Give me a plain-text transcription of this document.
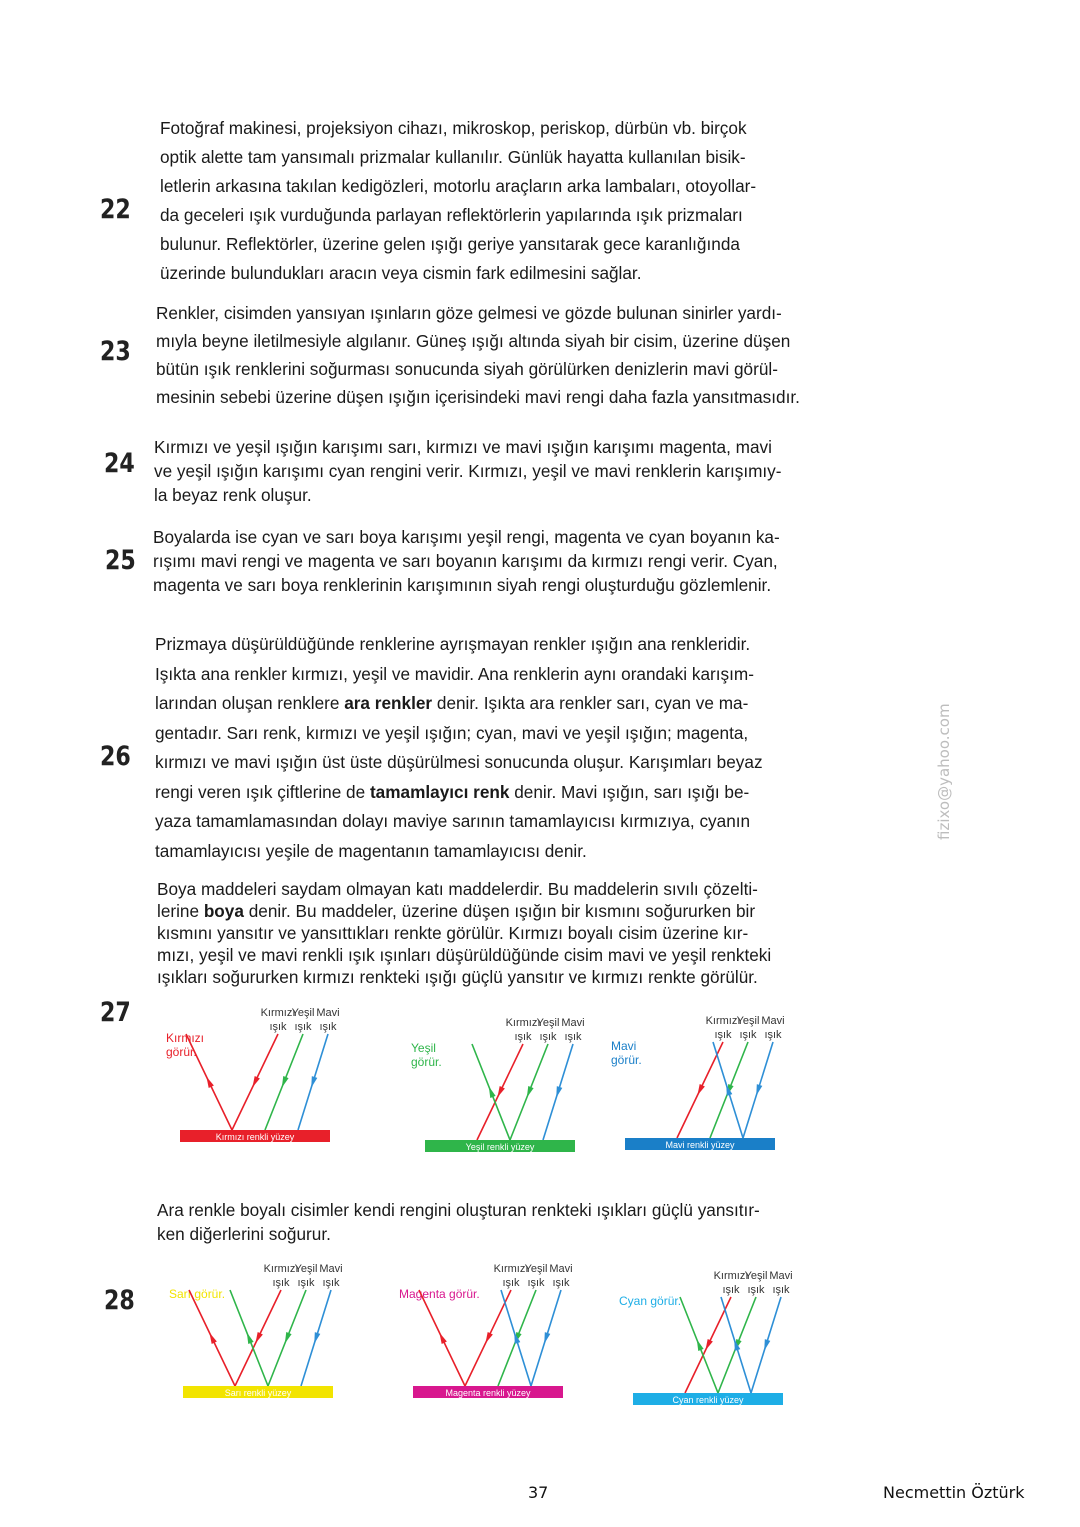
22
Fotoğraf makinesi, projeksiyon cihazı, mikroskop, periskop, dürbün vb. birçok
optik alette tam yansımalı prizmalar kullanılır. Günlük hayatta kullanılan bisik-
letlerin arkasına takılan kedigözleri, motorlu araçların arka lambaları, otoyollar-
da geceleri ışık vurduğunda parlayan reflektörlerin yapılarında ışık prizmaları
bulunur. Reflektörler, üzerine gelen ışığı geriye yansıtarak gece karanlığında
üzerinde bulundukları aracın veya cismin fark edilmesini sağlar.
23
Renkler, cisimden yansıyan ışınların göze gelmesi ve gözde bulunan sinirler yardı-
mıyla beyne iletilmesiyle algılanır. Güneş ışığı altında siyah bir cisim, üzerine düşen
bütün ışık renklerini soğurması sonucunda siyah görülürken denizlerin mavi görül-
mesinin sebebi üzerine düşen ışığın içerisindeki mavi rengi daha fazla yansıtmasıdır.
24
Kırmızı ve yeşil ışığın karışımı sarı, kırmızı ve mavi ışığın karışımı magenta, mavi
ve yeşil ışığın karışımı cyan rengini verir. Kırmızı, yeşil ve mavi renklerin karışımıy-
la beyaz renk oluşur.
25
Boyalarda ise cyan ve sarı boya karışımı yeşil rengi, magenta ve cyan boyanın ka-
rışımı mavi rengi ve magenta ve sarı boyanın karışımı da kırmızı rengi verir. Cyan,
magenta ve sarı boya renklerinin karışımının siyah rengi oluşturduğu gözlemlenir.
26
Prizmaya düşürüldüğünde renklerine ayrışmayan renkler ışığın ana renkleridir.
Işıkta ana renkler kırmızı, yeşil ve mavidir. Ana renklerin aynı orandaki karışım-
larından oluşan renklere ara renkler denir. Işıkta ara renkler sarı, cyan ve ma-
gentadır. Sarı renk, kırmızı ve yeşil ışığın; cyan, mavi ve yeşil ışığın; magenta,
kırmızı ve mavi ışığın üst üste düşürülmesi sonucunda oluşur. Karışımları beyaz
rengi veren ışık çiftlerine de tamamlayıcı renk denir. Mavi ışığın, sarı ışığı be-
yaza tamamlamasından dolayı maviye sarının tamamlayıcısı kırmızıya, cyanın
tamamlayıcısı yeşile de magentanın tamamlayıcısı denir.
27
Boya maddeleri saydam olmayan katı maddelerdir. Bu maddelerin sıvılı çözelti-
lerine boya denir. Bu maddeler, üzerine düşen ışığın bir kısmını soğururken bir
kısmını yansıtır ve yansıttıkları renkte görülür. Kırmızı boyalı cisim üzerine kır-
mızı, yeşil ve mavi renkli ışık ışınları düşürüldüğünde cisim mavi ve yeşil renkteki
ışıkları soğururken kırmızı renkteki ışığı güçlü yansıtır ve kırmızı renkte görülür.
Kırmızı
Yeşil Mavi
ışık ışık ışık
Kırmızı
görür.
Kırmızı renkli yüzey
Kırmızı
Yeşil Mavi
ışık ışık ışık
Yeşil
görür.
Yeşil renkli yüzey
Kırmızı
Yeşil Mavi
ışık ışık ışık
Mavi
görür.
Mavi renkli yüzey
28
Ara renkle boyalı cisimler kendi rengini oluşturan renkteki ışıkları güçlü yansıtır-
ken diğerlerini soğurur.
Kırmızı
Yeşil Mavi
ışık ışık ışık
Sarı görür.
Sarı renkli yüzey
Kırmızı
Yeşil Mavi
ışık ışık ışık
Magenta görür.
Magenta renkli yüzey
Kırmızı
Yeşil Mavi
ışık ışık ışık
Cyan görür.
Cyan renkli yüzey
fizixo@yahoo.com
37	Necmettin Öztürk
